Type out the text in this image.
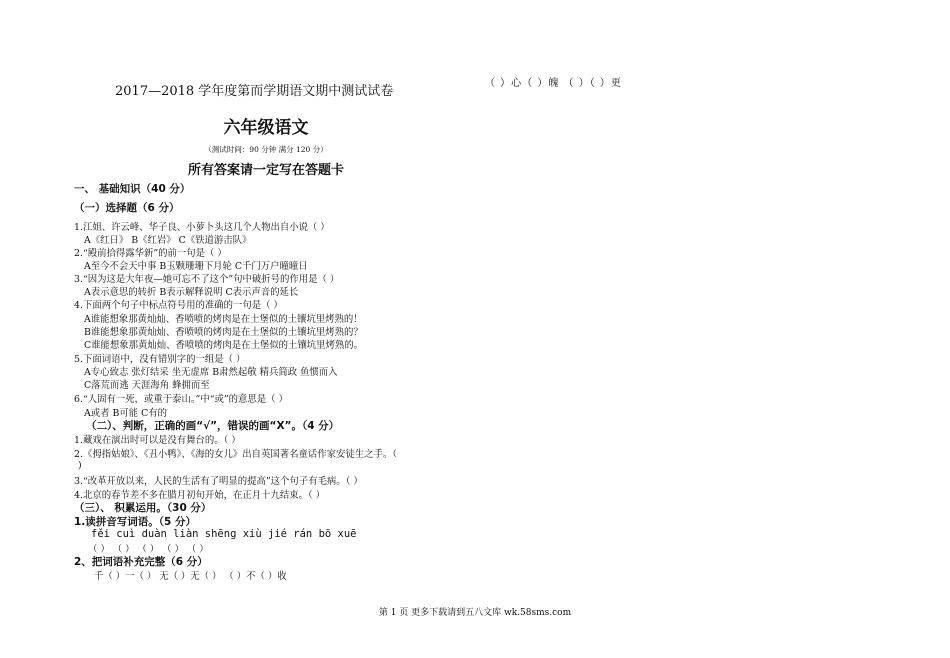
2017—2018 学年度第而学期语文期中测试试卷
（ ）心（ ）魄 （ ）（ ）更
六年级语文
（测试时间：90 分钟 满分 120 分）
所有答案请一定写在答题卡
一、 基础知识（40 分）
（一）选择题（6 分）
1.江姐、许云峰、华子良、小萝卜头这几个人物出自小说（ ）
A《红日》 B《红岩》 C《铁道游击队》
2.“殿前拾得露华新”的前一句是（ ）
A至今不会天中事 B玉颗珊珊下月轮 C千门万户曈曈日
3.“因为这是大年夜—她可忘不了这个”句中破折号的作用是（ ）
A表示意思的转折 B表示解释说明 C表示声音的延长
4.下面两个句子中标点符号用的准确的一句是（ ）
A谁能想象那黄灿灿、香喷喷的烤肉是在土堡似的土镶坑里烤熟的！
B谁能想象那黄灿灿、香喷喷的烤肉是在土堡似的土镶坑里烤熟的？
C谁能想象那黄灿灿、香喷喷的烤肉是在土堡似的土镶坑里烤熟的。
5.下面词语中，没有错别字的一组是（ ）
A专心致志 张灯结采 坐无虚席 B肃然起敬 精兵简政 鱼惯而入
C落荒而逃 天涯海角 蜂拥而至
6.“人固有一死，或重于泰山。”中“或”的意思是（ ）
A或者 B可能 C有的
（二）、判断，正确的画“√”，错误的画“X”。（4 分）
1.藏戏在演出时可以是没有舞台的。（ ）
2.《拇指姑娘》、《丑小鸭》、《海的女儿》出自英国著名童话作家安徒生之手。（
)
3.“改革开放以来，人民的生活有了明显的提高”这个句子有毛病。（ ）
4.北京的春节差不多在腊月初旬开始，在正月十九结束。（ ）
（三）、 积累运用。（30 分）
1.读拼音写词语。（5 分）
fěi cuì duàn liàn shēng xiù jié rán bō xuē
（ ） （ ） （ ） （ ） （ ）
2、把词语补充完整（6 分）
千（ ）一（ ） 无（ ）无（ ） （ ）不（ ）收
第 1 页 更多下载请到五八文库 wk.58sms.com
